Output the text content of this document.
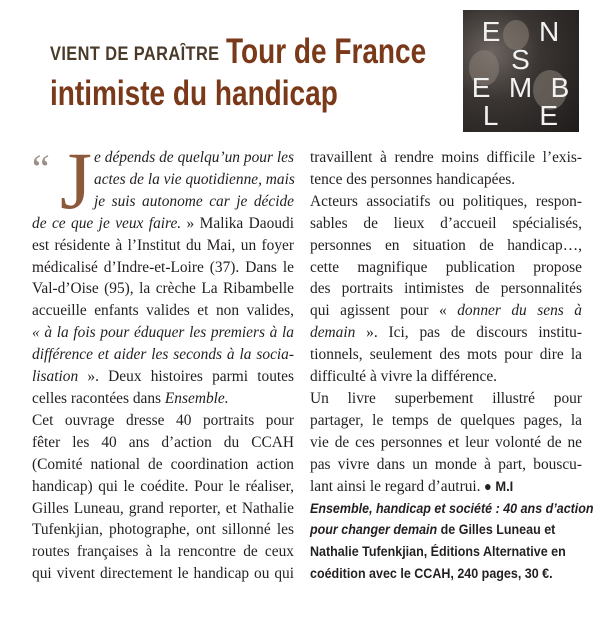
VIENT DE PARAÎTRE Tour de France
intimiste du handicap
E N
S
E M B
L E
“ J e dépends de quelqu’un pour les
actes de la vie quotidienne, mais
je suis autonome car je décide
de ce que je veux faire. » Malika Daoudi
est résidente à l’Institut du Mai, un foyer
médicalisé d’Indre-et-Loire (37). Dans le
Val-d’Oise (95), la crèche La Ribambelle
accueille enfants valides et non valides,
« à la fois pour éduquer les premiers à la
différence et aider les seconds à la socia-
lisation ». Deux histoires parmi toutes
celles racontées dans Ensemble.
Cet ouvrage dresse 40 portraits pour
fêter les 40 ans d’action du CCAH
(Comité national de coordination action
handicap) qui le coédite. Pour le réaliser,
Gilles Luneau, grand reporter, et Nathalie
Tufenkjian, photographe, ont sillonné les
routes françaises à la rencontre de ceux
qui vivent directement le handicap ou qui
travaillent à rendre moins difficile l’exis-
tence des personnes handicapées.
Acteurs associatifs ou politiques, respon-
sables de lieux d’accueil spécialisés,
personnes en situation de handicap…,
cette magnifique publication propose
des portraits intimistes de personnalités
qui agissent pour « donner du sens à
demain ». Ici, pas de discours institu-
tionnels, seulement des mots pour dire la
difficulté à vivre la différence.
Un livre superbement illustré pour
partager, le temps de quelques pages, la
vie de ces personnes et leur volonté de ne
pas vivre dans un monde à part, bouscu-
lant ainsi le regard d’autrui. ● M.I
Ensemble, handicap et société : 40 ans d’action
pour changer demain de Gilles Luneau et
Nathalie Tufenkjian, Éditions Alternative en
coédition avec le CCAH, 240 pages, 30 €.
